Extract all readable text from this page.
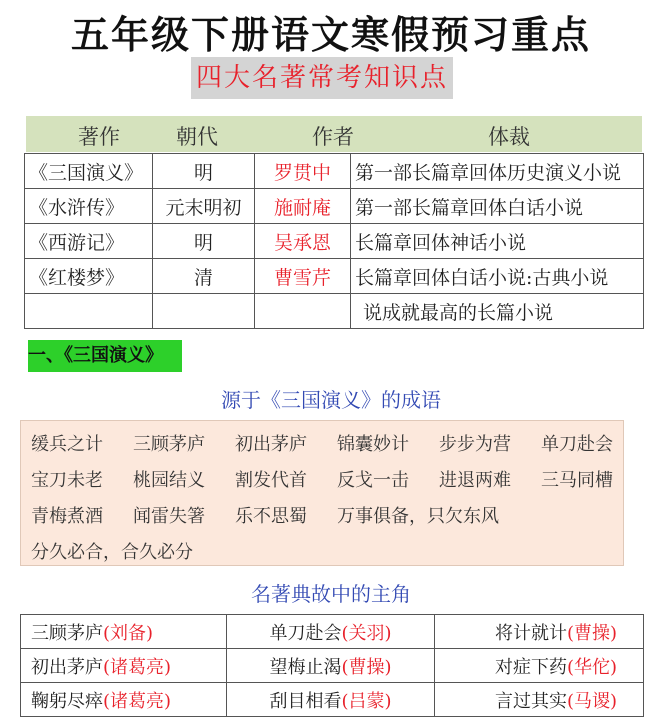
五年级下册语文寒假预习重点
四大名著常考知识点
著作	朝代	作者	体裁
《三国演义》	明	罗贯中	第一部长篇章回体历史演义小说
《水浒传》	元末明初	施耐庵	第一部长篇章回体白话小说
《西游记》	明	吴承恩	长篇章回体神话小说
《红楼梦》	清	曹雪芹	长篇章回体白话小说:古典小说
			说成就最高的长篇小说
一、《三国演义》
源于《三国演义》的成语
缓兵之计 三顾茅庐 初出茅庐 锦囊妙计 步步为营 单刀赴会
宝刀未老 桃园结义 割发代首 反戈一击 进退两难 三马同槽
青梅煮酒 闻雷失箸 乐不思蜀 万事俱备，只欠东风
分久必合，合久必分
名著典故中的主角
三顾茅庐(刘备)	单刀赴会(关羽)	将计就计(曹操)
初出茅庐(诸葛亮)	望梅止渴(曹操)	对症下药(华佗)
鞠躬尽瘁(诸葛亮)	刮目相看(吕蒙)	言过其实(马谡)
